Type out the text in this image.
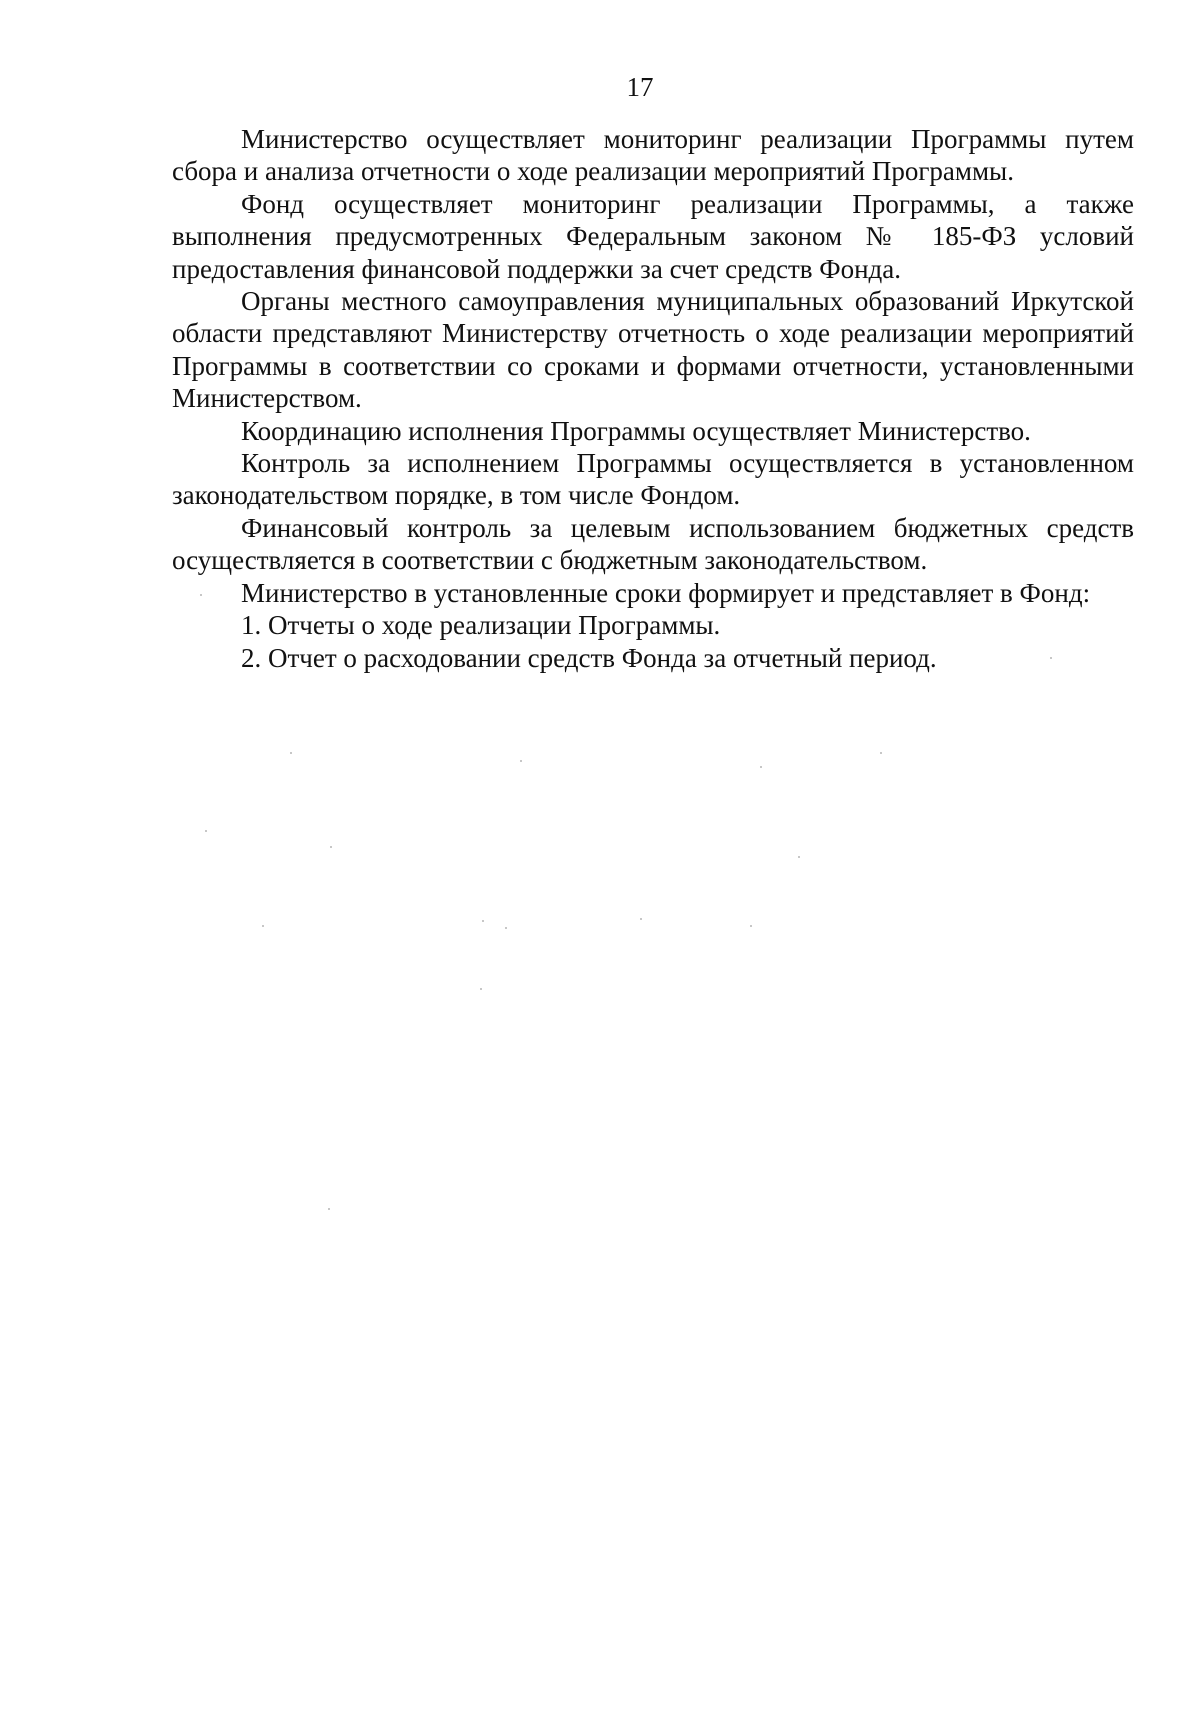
17

Министерство осуществляет мониторинг реализации Программы путем сбора и анализа отчетности о ходе реализации мероприятий Программы.

Фонд осуществляет мониторинг реализации Программы, а также выполнения предусмотренных Федеральным законом № 185-ФЗ условий предоставления финансовой поддержки за счет средств Фонда.

Органы местного самоуправления муниципальных образований Иркутской области представляют Министерству отчетность о ходе реализации мероприятий Программы в соответствии со сроками и формами отчетности, установленными Министерством.

Координацию исполнения Программы осуществляет Министерство.

Контроль за исполнением Программы осуществляется в установленном законодательством порядке, в том числе Фондом.

Финансовый контроль за целевым использованием бюджетных средств осуществляется в соответствии с бюджетным законодательством.

Министерство в установленные сроки формирует и представляет в Фонд:

1. Отчеты о ходе реализации Программы.

2. Отчет о расходовании средств Фонда за отчетный период.
